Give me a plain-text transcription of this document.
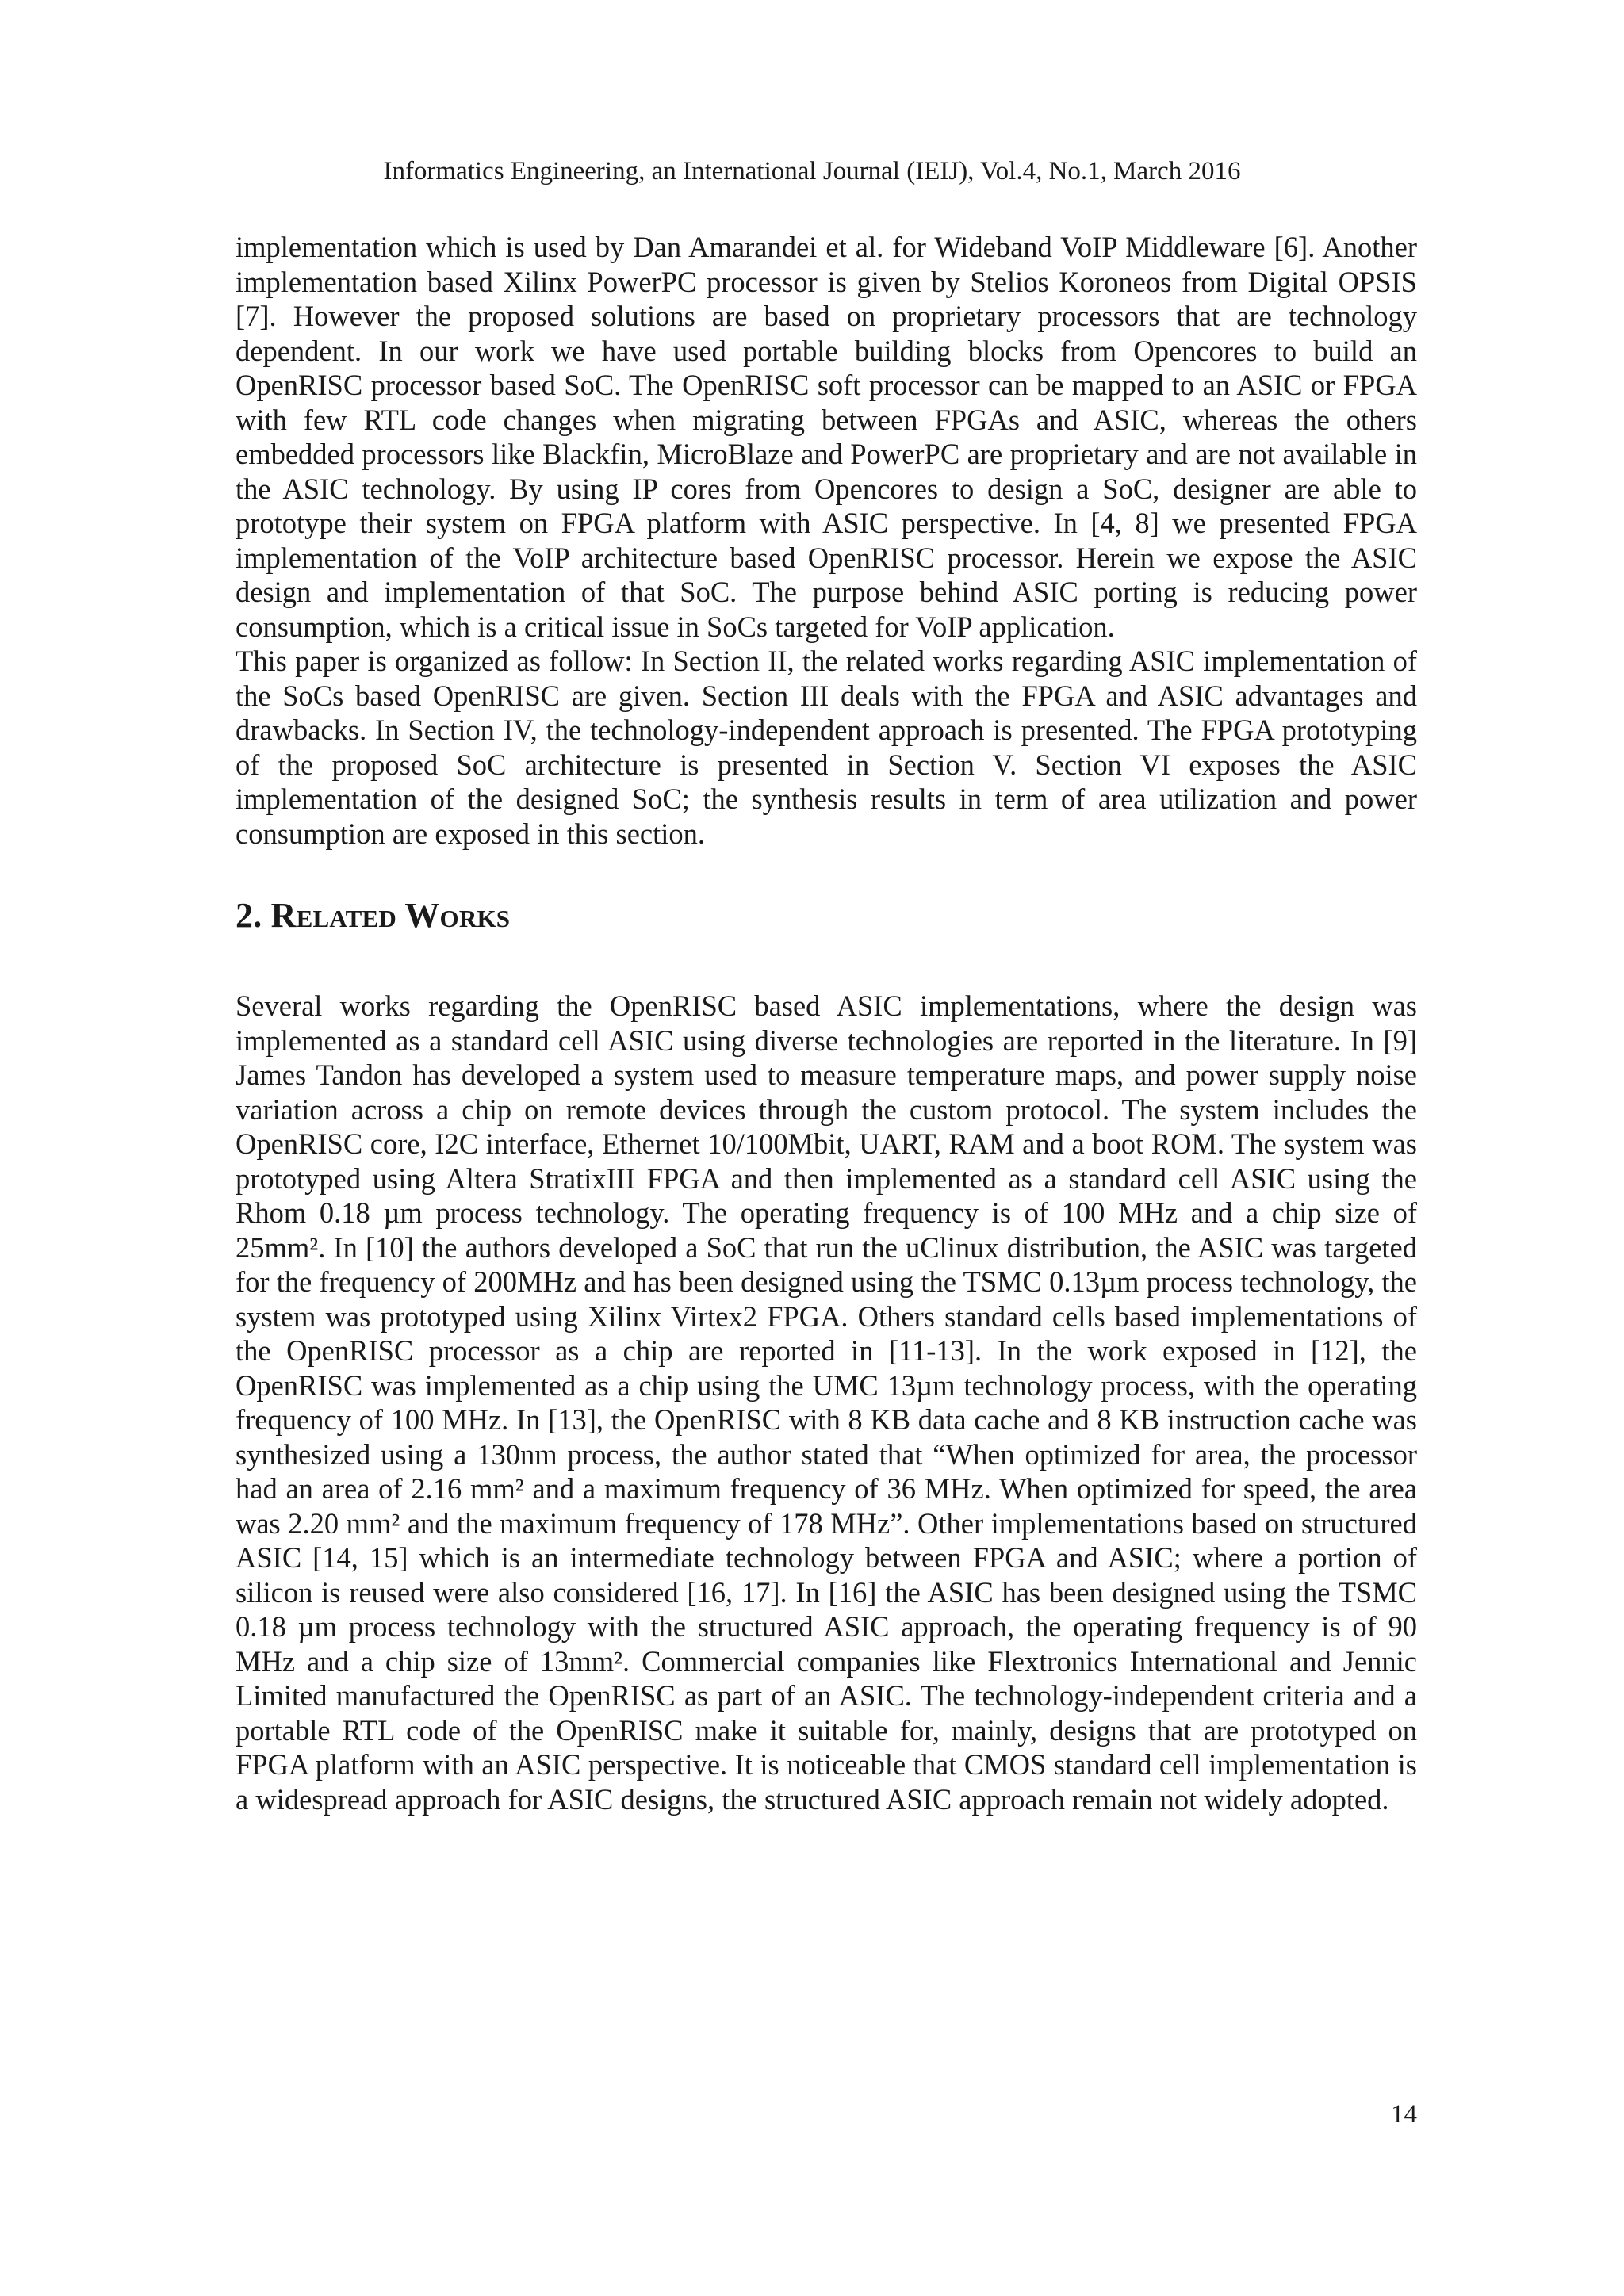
Informatics Engineering, an International Journal (IEIJ), Vol.4, No.1, March 2016

implementation which is used by Dan Amarandei et al. for Wideband VoIP Middleware [6]. Another implementation based Xilinx PowerPC processor is given by Stelios Koroneos from Digital OPSIS [7]. However the proposed solutions are based on proprietary processors that are technology dependent. In our work we have used portable building blocks from Opencores to build an OpenRISC processor based SoC. The OpenRISC soft processor can be mapped to an ASIC or FPGA with few RTL code changes when migrating between FPGAs and ASIC, whereas the others embedded processors like Blackfin, MicroBlaze and PowerPC are proprietary and are not available in the ASIC technology. By using IP cores from Opencores to design a SoC, designer are able to prototype their system on FPGA platform with ASIC perspective. In [4, 8] we presented FPGA implementation of the VoIP architecture based OpenRISC processor. Herein we expose the ASIC design and implementation of that SoC. The purpose behind ASIC porting is reducing power consumption, which is a critical issue in SoCs targeted for VoIP application.

This paper is organized as follow: In Section II, the related works regarding ASIC implementation of the SoCs based OpenRISC are given. Section III deals with the FPGA and ASIC advantages and drawbacks. In Section IV, the technology-independent approach is presented. The FPGA prototyping of the proposed SoC architecture is presented in Section V. Section VI exposes the ASIC implementation of the designed SoC; the synthesis results in term of area utilization and power consumption are exposed in this section.

2. Related Works

Several works regarding the OpenRISC based ASIC implementations, where the design was implemented as a standard cell ASIC using diverse technologies are reported in the literature. In [9] James Tandon has developed a system used to measure temperature maps, and power supply noise variation across a chip on remote devices through the custom protocol. The system includes the OpenRISC core, I2C interface, Ethernet 10/100Mbit, UART, RAM and a boot ROM. The system was prototyped using Altera StratixIII FPGA and then implemented as a standard cell ASIC using the Rhom 0.18 µm process technology. The operating frequency is of 100 MHz and a chip size of 25mm². In [10] the authors developed a SoC that run the uClinux distribution, the ASIC was targeted for the frequency of 200MHz and has been designed using the TSMC 0.13µm process technology, the system was prototyped using Xilinx Virtex2 FPGA. Others standard cells based implementations of the OpenRISC processor as a chip are reported in [11-13]. In the work exposed in [12], the OpenRISC was implemented as a chip using the UMC 13µm technology process, with the operating frequency of 100 MHz. In [13], the OpenRISC with 8 KB data cache and 8 KB instruction cache was synthesized using a 130nm process, the author stated that “When optimized for area, the processor had an area of 2.16 mm² and a maximum frequency of 36 MHz. When optimized for speed, the area was 2.20 mm² and the maximum frequency of 178 MHz”. Other implementations based on structured ASIC [14, 15] which is an intermediate technology between FPGA and ASIC; where a portion of silicon is reused were also considered [16, 17]. In [16] the ASIC has been designed using the TSMC 0.18 µm process technology with the structured ASIC approach, the operating frequency is of 90 MHz and a chip size of 13mm². Commercial companies like Flextronics International and Jennic Limited manufactured the OpenRISC as part of an ASIC. The technology-independent criteria and a portable RTL code of the OpenRISC make it suitable for, mainly, designs that are prototyped on FPGA platform with an ASIC perspective. It is noticeable that CMOS standard cell implementation is a widespread approach for ASIC designs, the structured ASIC approach remain not widely adopted.

14
